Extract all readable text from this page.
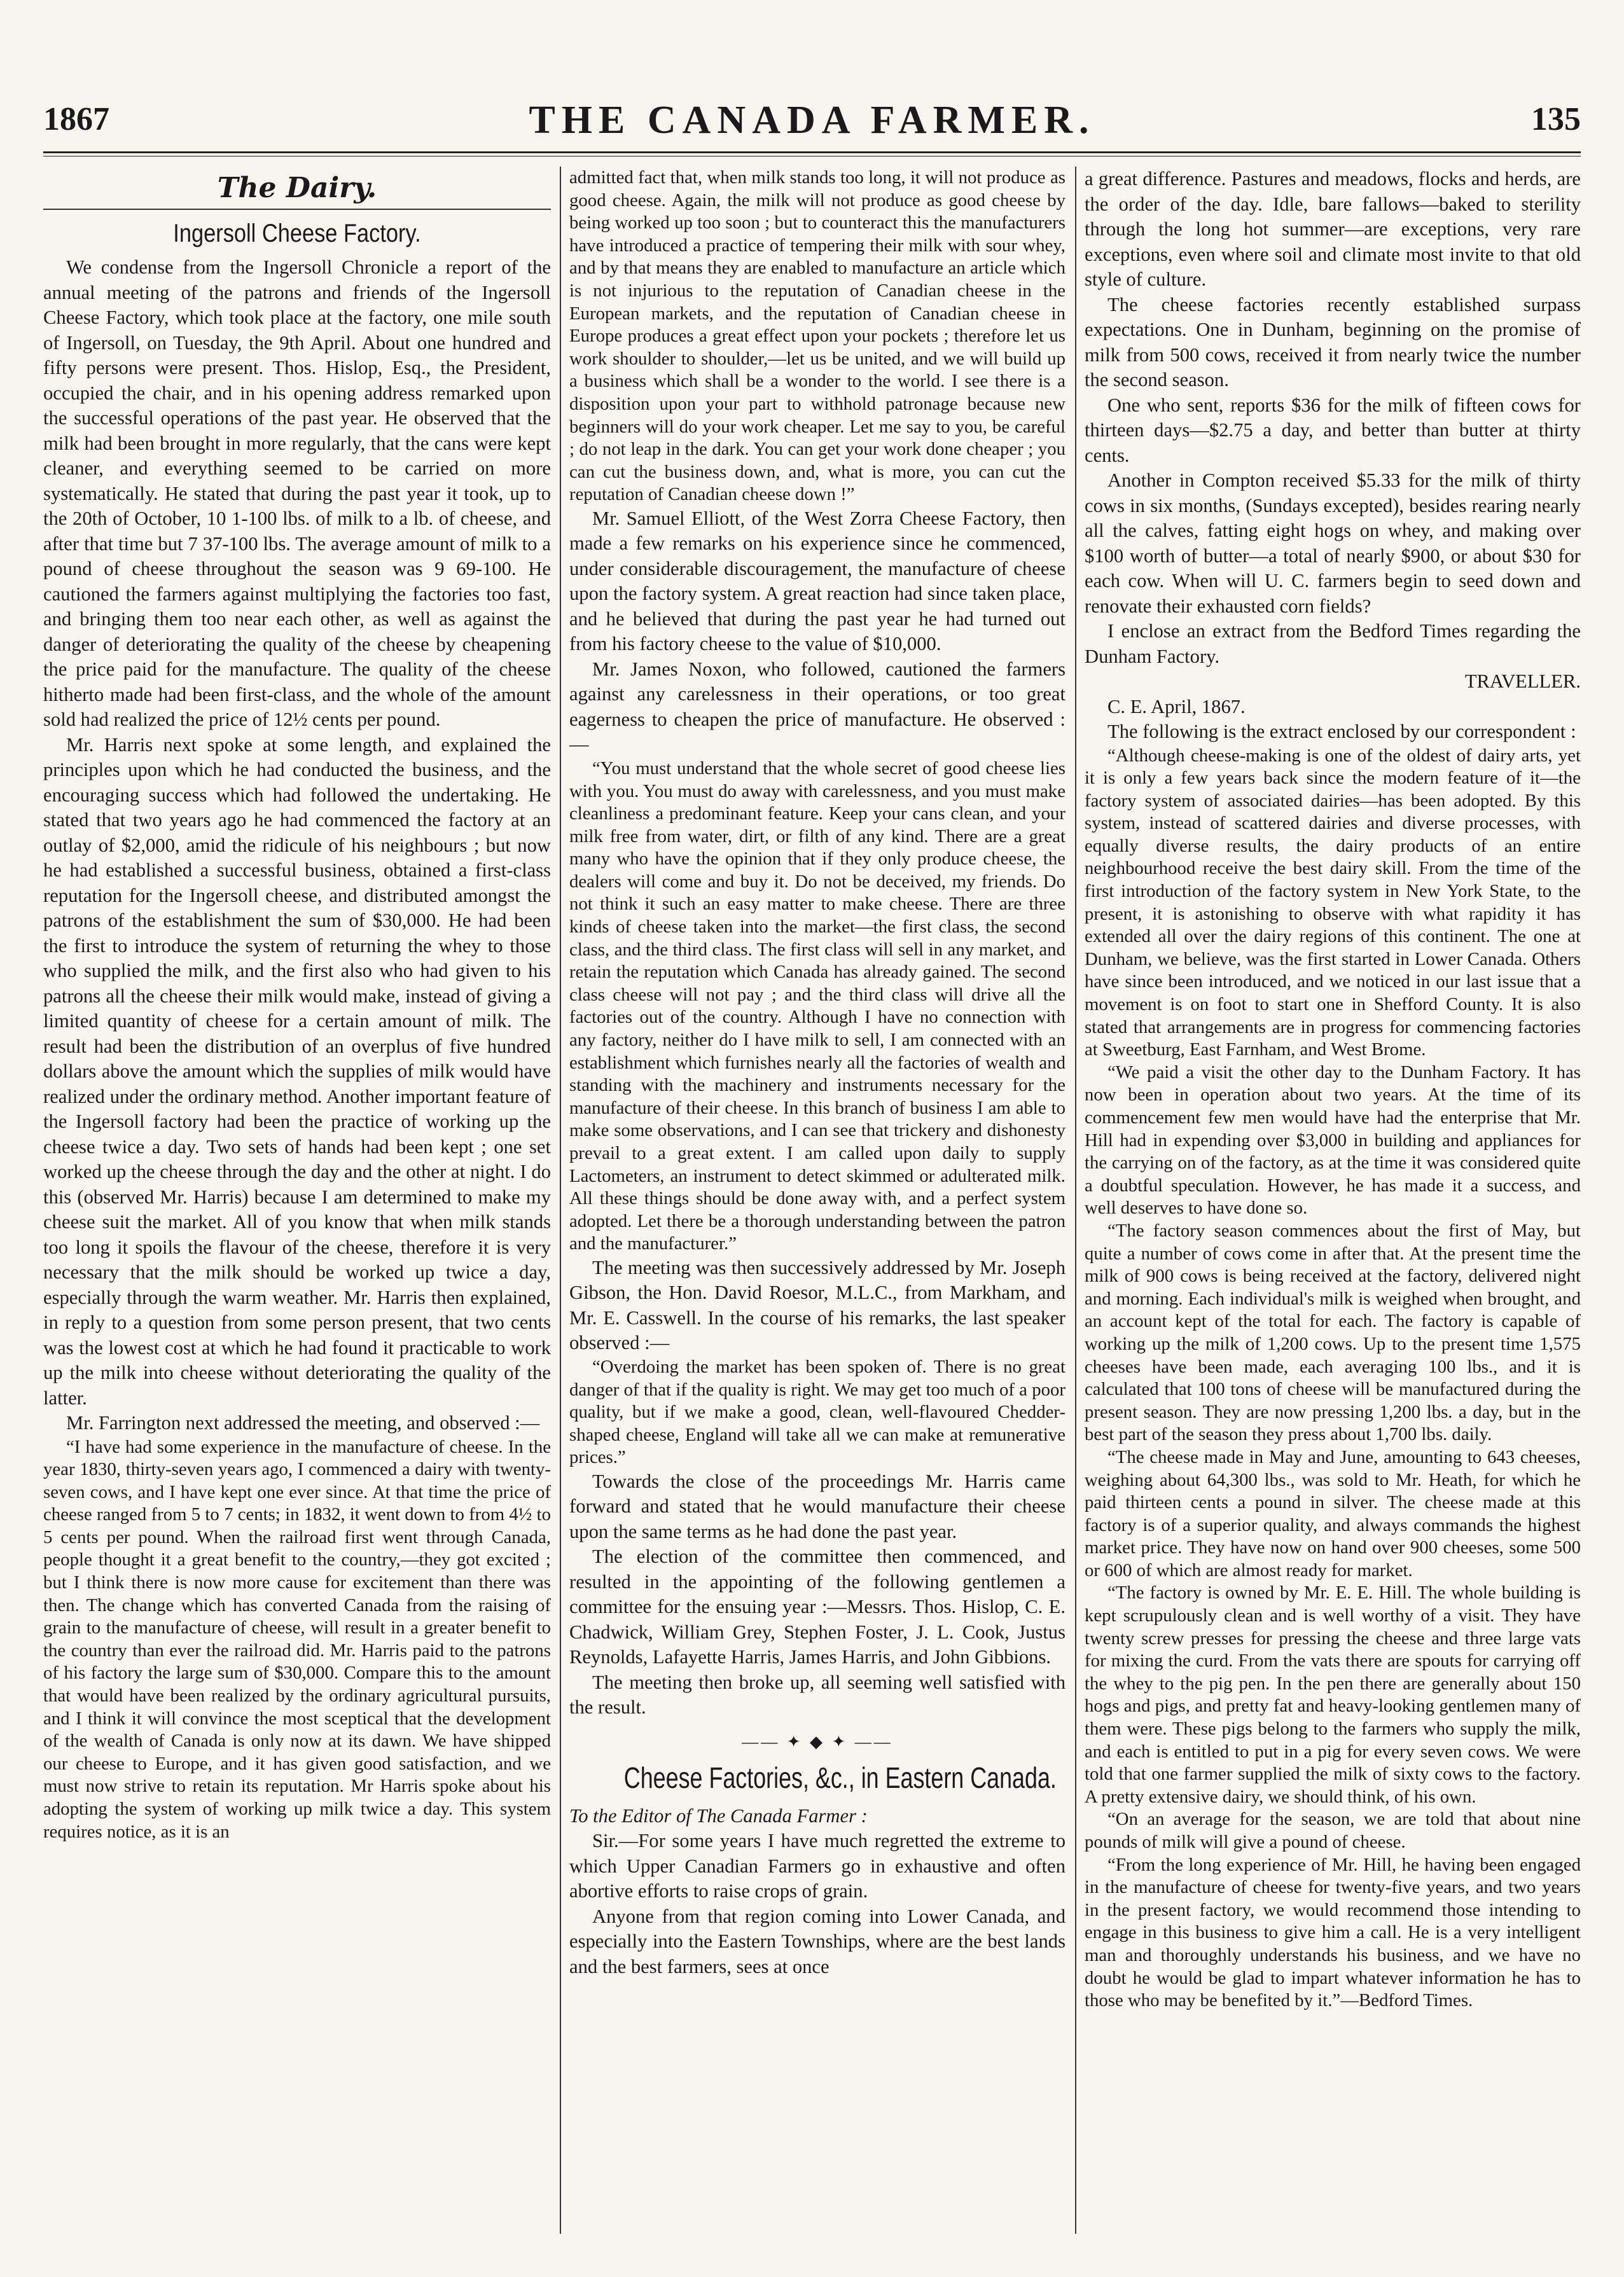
1867	THE CANADA FARMER.	135
The Dairy.
Ingersoll Cheese Factory.

We condense from the Ingersoll Chronicle a report of the annual meeting of the patrons and friends of the Ingersoll Cheese Factory, which took place at the factory, one mile south of Ingersoll, on Tuesday, the 9th April. About one hundred and fifty persons were present. Thos. Hislop, Esq., the President, occupied the chair, and in his opening address remarked upon the successful operations of the past year. He observed that the milk had been brought in more regularly, that the cans were kept cleaner, and everything seemed to be carried on more systematically. He stated that during the past year it took, up to the 20th of October, 10 1-100 lbs. of milk to a lb. of cheese, and after that time but 7 37-100 lbs. The average amount of milk to a pound of cheese throughout the season was 9 69-100. He cautioned the farmers against multiplying the factories too fast, and bringing them too near each other, as well as against the danger of deteriorating the quality of the cheese by cheapening the price paid for the manufacture. The quality of the cheese hitherto made had been first-class, and the whole of the amount sold had realized the price of 12½ cents per pound.

Mr. Harris next spoke at some length, and explained the principles upon which he had conducted the business, and the encouraging success which had followed the undertaking. He stated that two years ago he had commenced the factory at an outlay of $2,000, amid the ridicule of his neighbours ; but now he had established a successful business, obtained a first-class reputation for the Ingersoll cheese, and distributed amongst the patrons of the establishment the sum of $30,000. He had been the first to introduce the system of returning the whey to those who supplied the milk, and the first also who had given to his patrons all the cheese their milk would make, instead of giving a limited quantity of cheese for a certain amount of milk. The result had been the distribution of an overplus of five hundred dollars above the amount which the supplies of milk would have realized under the ordinary method. Another important feature of the Ingersoll factory had been the practice of working up the cheese twice a day. Two sets of hands had been kept ; one set worked up the cheese through the day and the other at night. I do this (observed Mr. Harris) because I am determined to make my cheese suit the market. All of you know that when milk stands too long it spoils the flavour of the cheese, therefore it is very necessary that the milk should be worked up twice a day, especially through the warm weather. Mr. Harris then explained, in reply to a question from some person present, that two cents was the lowest cost at which he had found it practicable to work up the milk into cheese without deteriorating the quality of the latter.

Mr. Farrington next addressed the meeting, and observed :—

“I have had some experience in the manufacture of cheese. In the year 1830, thirty-seven years ago, I commenced a dairy with twenty-seven cows, and I have kept one ever since. At that time the price of cheese ranged from 5 to 7 cents; in 1832, it went down to from 4½ to 5 cents per pound. When the railroad first went through Canada, people thought it a great benefit to the country,—they got excited ; but I think there is now more cause for excitement than there was then. The change which has converted Canada from the raising of grain to the manufacture of cheese, will result in a greater benefit to the country than ever the railroad did. Mr. Harris paid to the patrons of his factory the large sum of $30,000. Compare this to the amount that would have been realized by the ordinary agricultural pursuits, and I think it will convince the most sceptical that the development of the wealth of Canada is only now at its dawn. We have shipped our cheese to Europe, and it has given good satisfaction, and we must now strive to retain its reputation. Mr Harris spoke about his adopting the system of working up milk twice a day. This system requires notice, as it is an

admitted fact that, when milk stands too long, it will not produce as good cheese. Again, the milk will not produce as good cheese by being worked up too soon ; but to counteract this the manufacturers have introduced a practice of tempering their milk with sour whey, and by that means they are enabled to manufacture an article which is not injurious to the reputation of Canadian cheese in the European markets, and the reputation of Canadian cheese in Europe produces a great effect upon your pockets ; therefore let us work shoulder to shoulder,—let us be united, and we will build up a business which shall be a wonder to the world. I see there is a disposition upon your part to withhold patronage because new beginners will do your work cheaper. Let me say to you, be careful ; do not leap in the dark. You can get your work done cheaper ; you can cut the business down, and, what is more, you can cut the reputation of Canadian cheese down !”

Mr. Samuel Elliott, of the West Zorra Cheese Factory, then made a few remarks on his experience since he commenced, under considerable discouragement, the manufacture of cheese upon the factory system. A great reaction had since taken place, and he believed that during the past year he had turned out from his factory cheese to the value of $10,000.

Mr. James Noxon, who followed, cautioned the farmers against any carelessness in their operations, or too great eagerness to cheapen the price of manufacture. He observed :—

“You must understand that the whole secret of good cheese lies with you. You must do away with carelessness, and you must make cleanliness a predominant feature. Keep your cans clean, and your milk free from water, dirt, or filth of any kind. There are a great many who have the opinion that if they only produce cheese, the dealers will come and buy it. Do not be deceived, my friends. Do not think it such an easy matter to make cheese. There are three kinds of cheese taken into the market—the first class, the second class, and the third class. The first class will sell in any market, and retain the reputation which Canada has already gained. The second class cheese will not pay ; and the third class will drive all the factories out of the country. Although I have no connection with any factory, neither do I have milk to sell, I am connected with an establishment which furnishes nearly all the factories of wealth and standing with the machinery and instruments necessary for the manufacture of their cheese. In this branch of business I am able to make some observations, and I can see that trickery and dishonesty prevail to a great extent. I am called upon daily to supply Lactometers, an instrument to detect skimmed or adulterated milk. All these things should be done away with, and a perfect system adopted. Let there be a thorough understanding between the patron and the manufacturer.”

The meeting was then successively addressed by Mr. Joseph Gibson, the Hon. David Roesor, M.L.C., from Markham, and Mr. E. Casswell. In the course of his remarks, the last speaker observed :—

“Overdoing the market has been spoken of. There is no great danger of that if the quality is right. We may get too much of a poor quality, but if we make a good, clean, well-flavoured Chedder-shaped cheese, England will take all we can make at remunerative prices.”

Towards the close of the proceedings Mr. Harris came forward and stated that he would manufacture their cheese upon the same terms as he had done the past year.

The election of the committee then commenced, and resulted in the appointing of the following gentlemen a committee for the ensuing year :—Messrs. Thos. Hislop, C. E. Chadwick, William Grey, Stephen Foster, J. L. Cook, Justus Reynolds, Lafayette Harris, James Harris, and John Gibbions.

The meeting then broke up, all seeming well satisfied with the result.

—— ✦ ◆ ✦ ——
Cheese Factories, &c., in Eastern Canada.

To the Editor of The Canada Farmer :

Sir.—For some years I have much regretted the extreme to which Upper Canadian Farmers go in exhaustive and often abortive efforts to raise crops of grain.

Anyone from that region coming into Lower Canada, and especially into the Eastern Townships, where are the best lands and the best farmers, sees at once

a great difference. Pastures and meadows, flocks and herds, are the order of the day. Idle, bare fallows—baked to sterility through the long hot summer—are exceptions, very rare exceptions, even where soil and climate most invite to that old style of culture.

The cheese factories recently established surpass expectations. One in Dunham, beginning on the promise of milk from 500 cows, received it from nearly twice the number the second season.

One who sent, reports $36 for the milk of fifteen cows for thirteen days—$2.75 a day, and better than butter at thirty cents.

Another in Compton received $5.33 for the milk of thirty cows in six months, (Sundays excepted), besides rearing nearly all the calves, fatting eight hogs on whey, and making over $100 worth of butter—a total of nearly $900, or about $30 for each cow. When will U. C. farmers begin to seed down and renovate their exhausted corn fields?

I enclose an extract from the Bedford Times regarding the Dunham Factory.

TRAVELLER.

C. E. April, 1867.

The following is the extract enclosed by our correspondent :

“Although cheese-making is one of the oldest of dairy arts, yet it is only a few years back since the modern feature of it—the factory system of associated dairies—has been adopted. By this system, instead of scattered dairies and diverse processes, with equally diverse results, the dairy products of an entire neighbourhood receive the best dairy skill. From the time of the first introduction of the factory system in New York State, to the present, it is astonishing to observe with what rapidity it has extended all over the dairy regions of this continent. The one at Dunham, we believe, was the first started in Lower Canada. Others have since been introduced, and we noticed in our last issue that a movement is on foot to start one in Shefford County. It is also stated that arrangements are in progress for commencing factories at Sweetburg, East Farnham, and West Brome.

“We paid a visit the other day to the Dunham Factory. It has now been in operation about two years. At the time of its commencement few men would have had the enterprise that Mr. Hill had in expending over $3,000 in building and appliances for the carrying on of the factory, as at the time it was considered quite a doubtful speculation. However, he has made it a success, and well deserves to have done so.

“The factory season commences about the first of May, but quite a number of cows come in after that. At the present time the milk of 900 cows is being received at the factory, delivered night and morning. Each individual's milk is weighed when brought, and an account kept of the total for each. The factory is capable of working up the milk of 1,200 cows. Up to the present time 1,575 cheeses have been made, each averaging 100 lbs., and it is calculated that 100 tons of cheese will be manufactured during the present season. They are now pressing 1,200 lbs. a day, but in the best part of the season they press about 1,700 lbs. daily.

“The cheese made in May and June, amounting to 643 cheeses, weighing about 64,300 lbs., was sold to Mr. Heath, for which he paid thirteen cents a pound in silver. The cheese made at this factory is of a superior quality, and always commands the highest market price. They have now on hand over 900 cheeses, some 500 or 600 of which are almost ready for market.

“The factory is owned by Mr. E. E. Hill. The whole building is kept scrupulously clean and is well worthy of a visit. They have twenty screw presses for pressing the cheese and three large vats for mixing the curd. From the vats there are spouts for carrying off the whey to the pig pen. In the pen there are generally about 150 hogs and pigs, and pretty fat and heavy-looking gentlemen many of them were. These pigs belong to the farmers who supply the milk, and each is entitled to put in a pig for every seven cows. We were told that one farmer supplied the milk of sixty cows to the factory. A pretty extensive dairy, we should think, of his own.

“On an average for the season, we are told that about nine pounds of milk will give a pound of cheese.

“From the long experience of Mr. Hill, he having been engaged in the manufacture of cheese for twenty-five years, and two years in the present factory, we would recommend those intending to engage in this business to give him a call. He is a very intelligent man and thoroughly understands his business, and we have no doubt he would be glad to impart whatever information he has to those who may be benefited by it.”—Bedford Times.
